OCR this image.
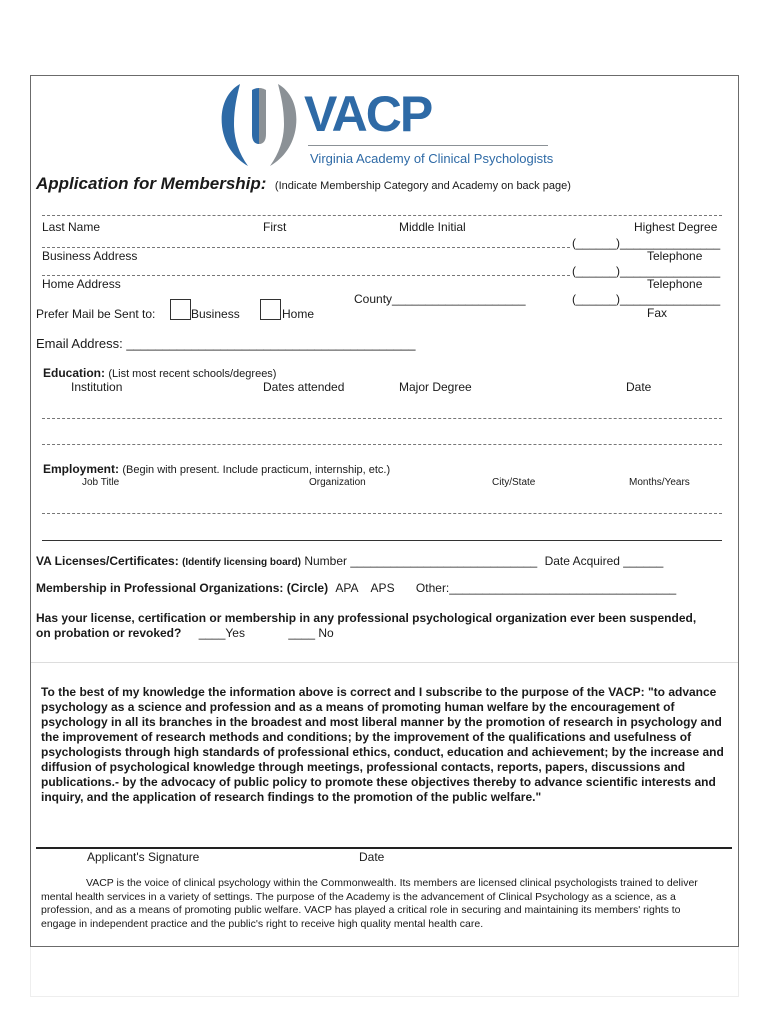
VACP
Virginia Academy of Clinical Psychologists
Application for Membership: (Indicate Membership Category and Academy on back page)
Last Name	First	Middle Initial	Highest Degree
(______)_______________
Business Address	Telephone
(______)_______________
Home Address	Telephone
County____________________	(______)_______________
Prefer Mail be Sent to:	Business	Home	Fax
Email Address: ________________________________________
Education: (List most recent schools/degrees)
Institution	Dates attended	Major Degree	Date
Employment: (Begin with present. Include practicum, internship, etc.)
Job Title	Organization	City/State	Months/Years
VA Licenses/Certificates: (Identify licensing board) Number ____________________________ Date Acquired ______
Membership in Professional Organizations: (Circle) APA    APS Other:__________________________________
Has your license, certification or membership in any professional psychological organization ever been suspended,
on probation or revoked? ____Yes	____ No
To the best of my knowledge the information above is correct and I subscribe to the purpose of the VACP: "to advance psychology as a science and profession and as a means of promoting human welfare by the encouragement of psychology in all its branches in the broadest and most liberal manner by the promotion of research in psychology and the improvement of research methods and conditions; by the improvement of the qualifications and usefulness of psychologists through high standards of professional ethics, conduct, education and achievement; by the increase and diffusion of psychological knowledge through meetings, professional contacts, reports, papers, discussions and publications.- by the advocacy of public policy to promote these objectives thereby to advance scientific interests and inquiry, and the application of research findings to the promotion of the public welfare."
Applicant's Signature	Date
VACP is the voice of clinical psychology within the Commonwealth. Its members are licensed clinical psychologists trained to deliver mental health services in a variety of settings. The purpose of the Academy is the advancement of Clinical Psychology as a science, as a profession, and as a means of promoting public welfare. VACP has played a critical role in securing and maintaining its members' rights to engage in independent practice and the public's right to receive high quality mental health care.
